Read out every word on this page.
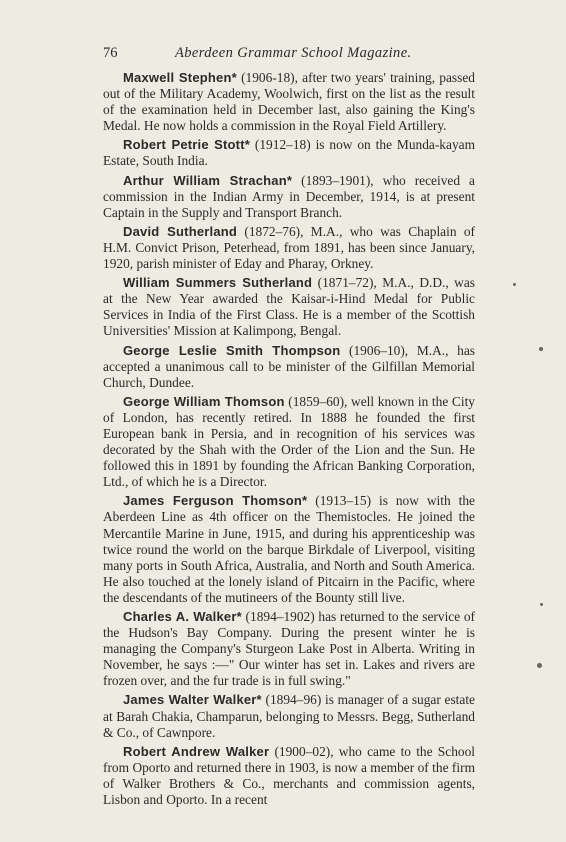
76	Aberdeen Grammar School Magazine.

Maxwell Stephen* (1906-18), after two years' training, passed out of the Military Academy, Woolwich, first on the list as the result of the examination held in December last, also gaining the King's Medal. He now holds a commission in the Royal Field Artillery.

Robert Petrie Stott* (1912–18) is now on the Munda-kayam Estate, South India.

Arthur William Strachan* (1893–1901), who received a commission in the Indian Army in December, 1914, is at present Captain in the Supply and Transport Branch.

David Sutherland (1872–76), M.A., who was Chaplain of H.M. Convict Prison, Peterhead, from 1891, has been since January, 1920, parish minister of Eday and Pharay, Orkney.

William Summers Sutherland (1871–72), M.A., D.D., was at the New Year awarded the Kaisar-i-Hind Medal for Public Services in India of the First Class. He is a member of the Scottish Universities' Mission at Kalimpong, Bengal.

George Leslie Smith Thompson (1906–10), M.A., has accepted a unanimous call to be minister of the Gilfillan Memorial Church, Dundee.

George William Thomson (1859–60), well known in the City of London, has recently retired. In 1888 he founded the first European bank in Persia, and in recognition of his services was decorated by the Shah with the Order of the Lion and the Sun. He followed this in 1891 by founding the African Banking Corporation, Ltd., of which he is a Director.

James Ferguson Thomson* (1913–15) is now with the Aberdeen Line as 4th officer on the Themistocles. He joined the Mercantile Marine in June, 1915, and during his apprenticeship was twice round the world on the barque Birkdale of Liverpool, visiting many ports in South Africa, Australia, and North and South America. He also touched at the lonely island of Pitcairn in the Pacific, where the descendants of the mutineers of the Bounty still live.

Charles A. Walker* (1894–1902) has returned to the service of the Hudson's Bay Company. During the present winter he is managing the Company's Sturgeon Lake Post in Alberta. Writing in November, he says :—" Our winter has set in. Lakes and rivers are frozen over, and the fur trade is in full swing."

James Walter Walker* (1894–96) is manager of a sugar estate at Barah Chakia, Champarun, belonging to Messrs. Begg, Sutherland & Co., of Cawnpore.

Robert Andrew Walker (1900–02), who came to the School from Oporto and returned there in 1903, is now a member of the firm of Walker Brothers & Co., merchants and commission agents, Lisbon and Oporto. In a recent
